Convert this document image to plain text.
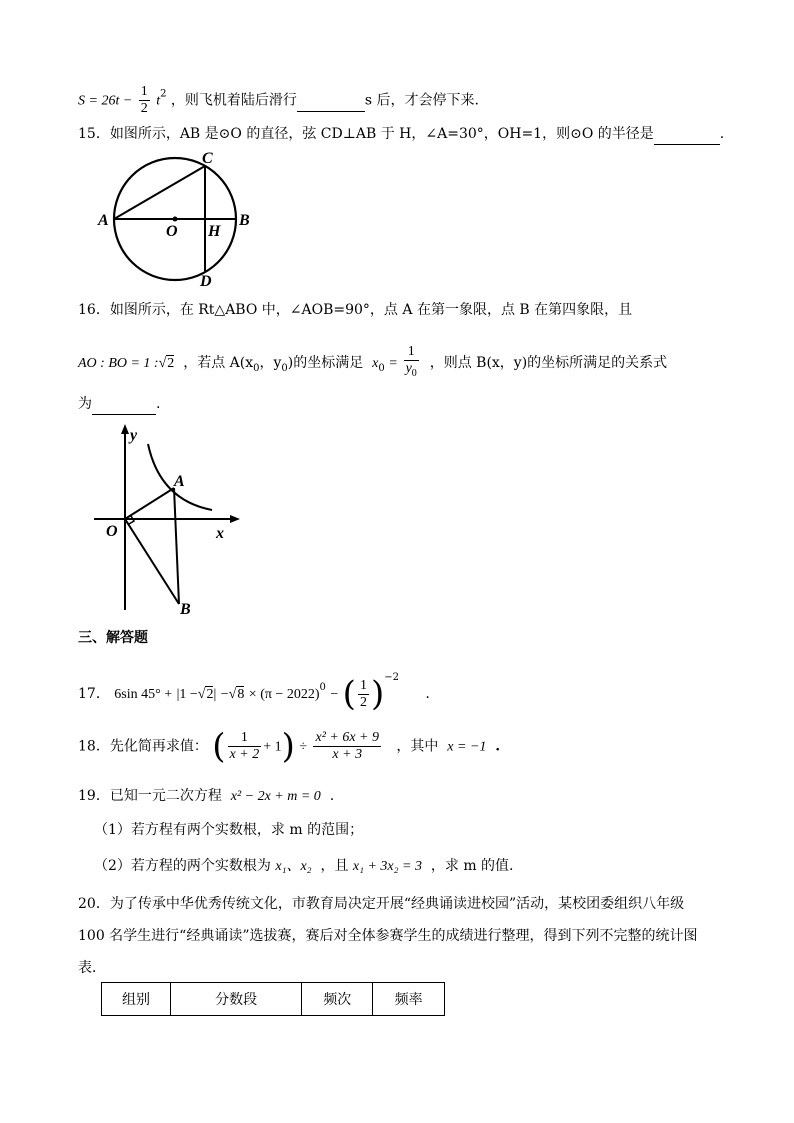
$S = 26t - \frac{1}{2} t^2$ ，则飞机着陆后滑行	s 后，才会停下来.
15．如图所示，AB 是⊙O 的直径，弦 CD⊥AB 于 H，∠A=30°，OH=1，则⊙O 的半径是	.
C
A
O H
B
D
16．如图所示，在 Rt△ABO 中，∠AOB=90°，点 A 在第一象限，点 B 在第四象限，且
AO : BO = 1 :√2 ，若点 $A(x_0$，$y_0$)的坐标满足 $x_0 = \frac{1}{y_0}$ ，则点 B(x，y)的坐标所满足的关系式
为	.
y
A
O	x
B
三、解答题
17． 6sin $45^\circ + |1 -√2| -√8 \times (\pi - 2022)^0$ − ( $\frac{1}{2} )^{-2}$ .
18．先化简再求值： ( $\frac{1}{x + 2} + 1) \div \frac{\text{x² + 6x + 9}}{x + 3}$ ，其中 x = −1 .
19．已知一元二次方程 x² − 2x + m = 0 .
（1）若方程有两个实数根，求 m 的范围；
（2）若方程的两个实数根为 x₁、x₂ ，且 x₁ + 3x₂ = 3 ，求 m 的值.
20．为了传承中华优秀传统文化，市教育局决定开展“经典诵读进校园”活动，某校团委组织八年级
100 名学生进行“经典诵读”选拔赛，赛后对全体参赛学生的成绩进行整理，得到下列不完整的统计图
表．
组别	分数段	频次	频率
